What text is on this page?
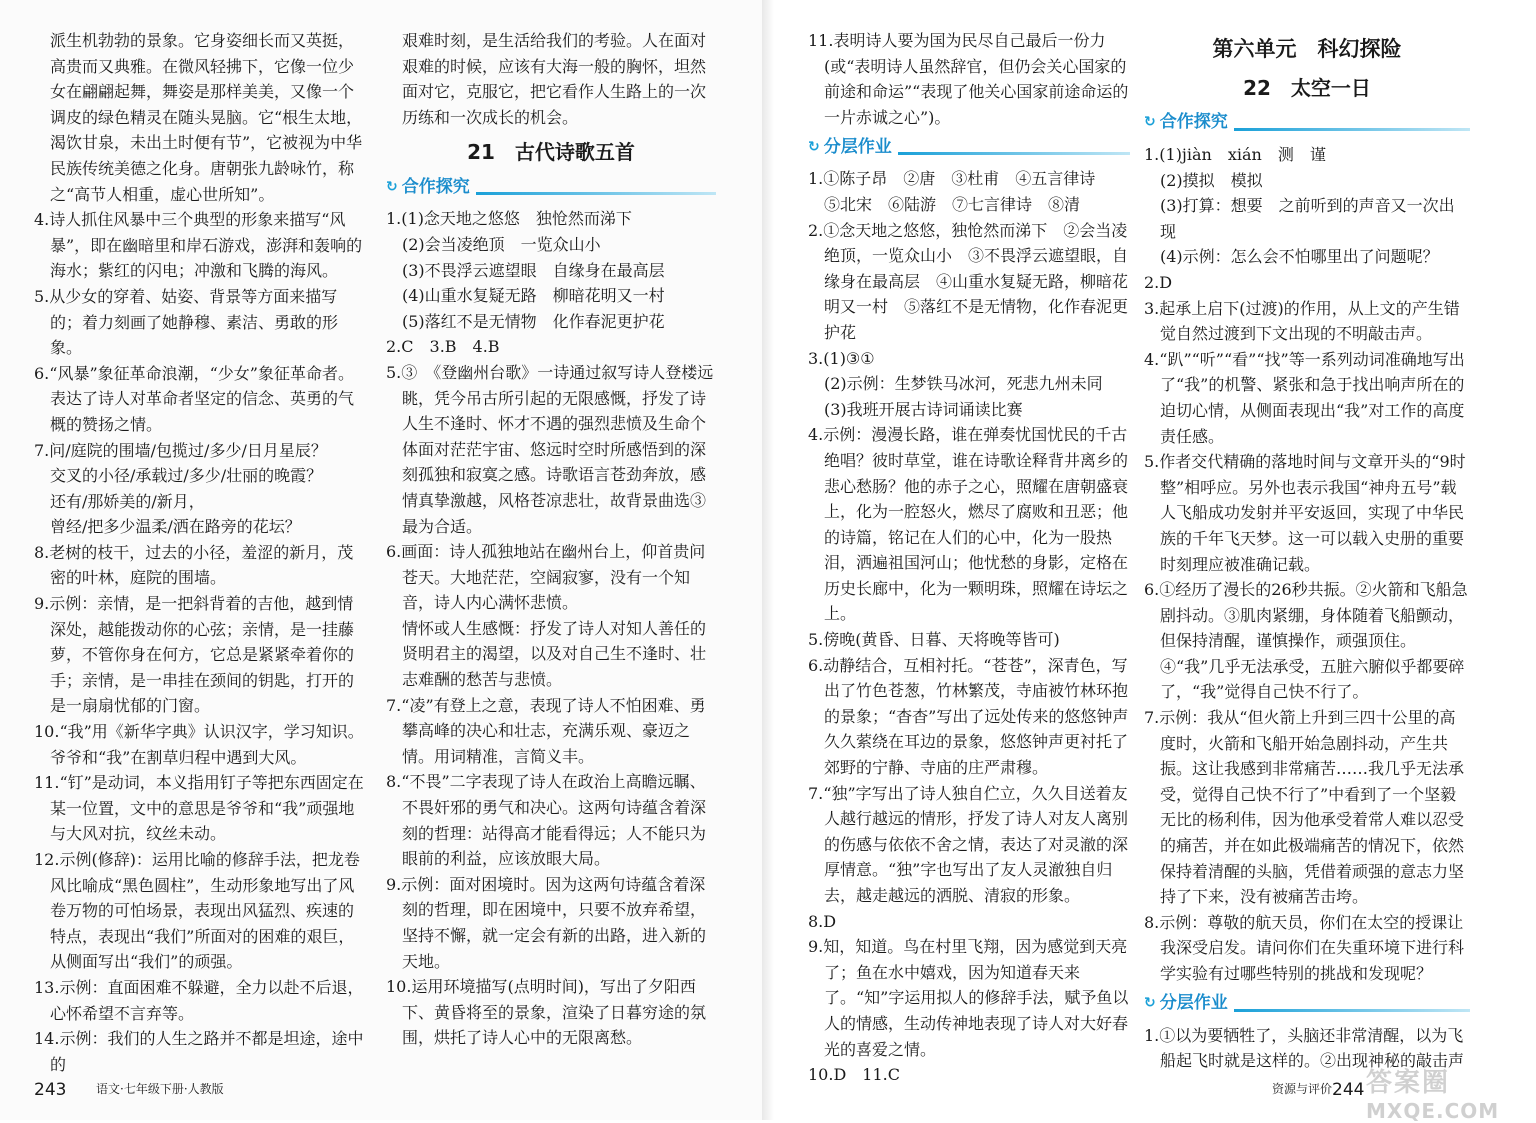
派生机勃勃的景象。它身姿细长而又英挺，高贵而又典雅。在微风轻拂下，它像一位少女在翩翩起舞，舞姿是那样美美，又像一个调皮的绿色精灵在随头晃脑。它“根生太地，渴饮甘泉，未出土时便有节”，它被视为中华民族传统美德之化身。唐朝张九龄咏竹，称之“高节人相重，虚心世所知”。

4.诗人抓住风暴中三个典型的形象来描写“风暴”，即在幽暗里和岸石游戏，澎湃和轰响的海水；紫红的闪电；冲激和飞腾的海风。

5.从少女的穿着、姑姿、背景等方面来描写的；着力刻画了她静穆、素洁、勇敢的形象。

6.“风暴”象征革命浪潮，“少女”象征革命者。表达了诗人对革命者坚定的信念、英勇的气概的赞扬之情。

7.问/庭院的围墙/包揽过/多少/日月星辰？

交叉的小径/承载过/多少/壮丽的晚霞？

还有/那娇美的/新月，

曾经/把多少温柔/洒在路旁的花坛？

8.老树的枝干，过去的小径，羞涩的新月，茂密的叶林，庭院的围墙。

9.示例：亲情，是一把斜背着的吉他，越到情深处，越能拨动你的心弦；亲情，是一挂藤萝，不管你身在何方，它总是紧紧牵着你的手；亲情，是一串挂在颈间的钥匙，打开的是一扇扇忧郁的门窗。

10.“我”用《新华字典》认识汉字，学习知识。

爷爷和“我”在割草归程中遇到大风。

11.“钉”是动词，本义指用钉子等把东西固定在某一位置，文中的意思是爷爷和“我”顽强地与大风对抗，纹丝未动。

12.示例(修辞)：运用比喻的修辞手法，把龙卷风比喻成“黑色圆柱”，生动形象地写出了风卷万物的可怕场景，表现出风猛烈、疾速的特点，表现出“我们”所面对的困难的艰巨，从侧面写出“我们”的顽强。

13.示例：直面困难不躲避，全力以赴不后退，心怀希望不言弃等。

14.示例：我们的人生之路并不都是坦途，途中的

艰难时刻，是生活给我们的考验。人在面对艰难的时候，应该有大海一般的胸怀，坦然面对它，克服它，把它看作人生路上的一次历练和一次成长的机会。

21　古代诗歌五首
↻ 合作探究

1.(1)念天地之悠悠　独怆然而涕下

(2)会当凌绝顶　一览众山小

(3)不畏浮云遮望眼　自缘身在最高层

(4)山重水复疑无路　柳暗花明又一村

(5)落红不是无情物　化作春泥更护花

2.C　3.B　4.B

5.③　《登幽州台歌》一诗通过叙写诗人登楼远眺，凭今吊古所引起的无限感慨，抒发了诗人生不逢时、怀才不遇的强烈悲愤及生命个体面对茫茫宇宙、悠远时空时所感悟到的深刻孤独和寂寞之感。诗歌语言苍劲奔放，感情真挚激越，风格苍凉悲壮，故背景曲选③最为合适。

6.画面：诗人孤独地站在幽州台上，仰首贵问苍天。大地茫茫，空阔寂寥，没有一个知音，诗人内心满怀悲愤。

情怀或人生感慨：抒发了诗人对知人善任的贤明君主的渴望，以及对自己生不逢时、壮志难酬的愁苦与悲愤。

7.“凌”有登上之意，表现了诗人不怕困难、勇攀高峰的决心和壮志，充满乐观、豪迈之情。用词精准，言简义丰。

8.“不畏”二字表现了诗人在政治上高瞻远瞩、不畏奸邪的勇气和决心。这两句诗蕴含着深刻的哲理：站得高才能看得远；人不能只为眼前的利益，应该放眼大局。

9.示例：面对困境时。因为这两句诗蕴含着深刻的哲理，即在困境中，只要不放弃希望，坚持不懈，就一定会有新的出路，进入新的天地。

10.运用环境描写(点明时间)，写出了夕阳西下、黄昏将至的景象，渲染了日暮穷途的氛围，烘托了诗人心中的无限离愁。

11.表明诗人要为国为民尽自己最后一份力(或“表明诗人虽然辞官，但仍会关心国家的前途和命运”“表现了他关心国家前途命运的一片赤诚之心”)。

↻ 分层作业

1.①陈子昂　②唐　③杜甫　④五言律诗

⑤北宋　⑥陆游　⑦七言律诗　⑧清

2.①念天地之悠悠，独怆然而涕下　②会当凌绝顶，一览众山小　③不畏浮云遮望眼，自缘身在最高层　④山重水复疑无路，柳暗花明又一村　⑤落红不是无情物，化作春泥更护花

3.(1)③①

(2)示例：生梦铁马冰河，死悲九州未同

(3)我班开展古诗词诵读比赛

4.示例：漫漫长路，谁在弹奏忧国忧民的千古绝唱？彼时草堂，谁在诗歌诠释背井离乡的悲心愁肠？他的赤子之心，照耀在唐朝盛衰上，化为一腔怒火，燃尽了腐败和丑恶；他的诗篇，铭记在人们的心中，化为一股热泪，洒遍祖国河山；他忧愁的身影，定格在历史长廊中，化为一颗明珠，照耀在诗坛之上。

5.傍晚(黄昏、日暮、天将晚等皆可)

6.动静结合，互相衬托。“苍苍”，深青色，写出了竹色苍葱，竹林繁茂，寺庙被竹林环抱的景象；“杳杳”写出了远处传来的悠悠钟声久久萦绕在耳边的景象，悠悠钟声更衬托了郊野的宁静、寺庙的庄严肃穆。

7.“独”字写出了诗人独自伫立，久久目送着友人越行越远的情形，抒发了诗人对友人离别的伤感与依依不舍之情，表达了对灵澈的深厚情意。“独”字也写出了友人灵澈独自归去，越走越远的洒脱、清寂的形象。

8.D

9.知，知道。鸟在村里飞翔，因为感觉到天亮了；鱼在水中嬉戏，因为知道春天来了。“知”字运用拟人的修辞手法，赋予鱼以人的情感，生动传神地表现了诗人对大好春光的喜爱之情。

10.D　11.C

第六单元　科幻探险
22　太空一日
↻ 合作探究

1.(1)jiàn　xián　测　谨

(2)摸拟　模拟

(3)打算：想要　之前听到的声音又一次出现

(4)示例：怎么会不怕哪里出了问题呢？

2.D

3.起承上启下(过渡)的作用，从上文的产生错觉自然过渡到下文出现的不明敲击声。

4.“趴”“听”“看”“找”等一系列动词准确地写出了“我”的机警、紧张和急于找出响声所在的迫切心情，从侧面表现出“我”对工作的高度责任感。

5.作者交代精确的落地时间与文章开头的“9时整”相呼应。另外也表示我国“神舟五号”载人飞船成功发射并平安返回，实现了中华民族的千年飞天梦。这一可以载入史册的重要时刻理应被准确记载。

6.①经历了漫长的26秒共振。②火箭和飞船急剧抖动。③肌肉紧绷，身体随着飞船颤动，但保持清醒，谨慎操作，顽强顶住。④“我”几乎无法承受，五脏六腑似乎都要碎了，“我”觉得自己快不行了。

7.示例：我从“但火箭上升到三四十公里的高度时，火箭和飞船开始急剧抖动，产生共振。这让我感到非常痛苦……我几乎无法承受，觉得自己快不行了”中看到了一个坚毅无比的杨利伟，因为他承受着常人难以忍受的痛苦，并在如此极端痛苦的情况下，依然保持着清醒的头脑，凭借着顽强的意志力坚持了下来，没有被痛苦击垮。

8.示例：尊敬的航天员，你们在太空的授课让我深受启发。请问你们在失重环境下进行科学实验有过哪些特别的挑战和发现呢？

↻ 分层作业

1.①以为要牺牲了，头脑还非常清醒，以为飞船起飞时就是这样的。②出现神秘的敲击声

243 语文·七年级下册·人教版	资源与评价 244 答案圈
MXQE.COM
